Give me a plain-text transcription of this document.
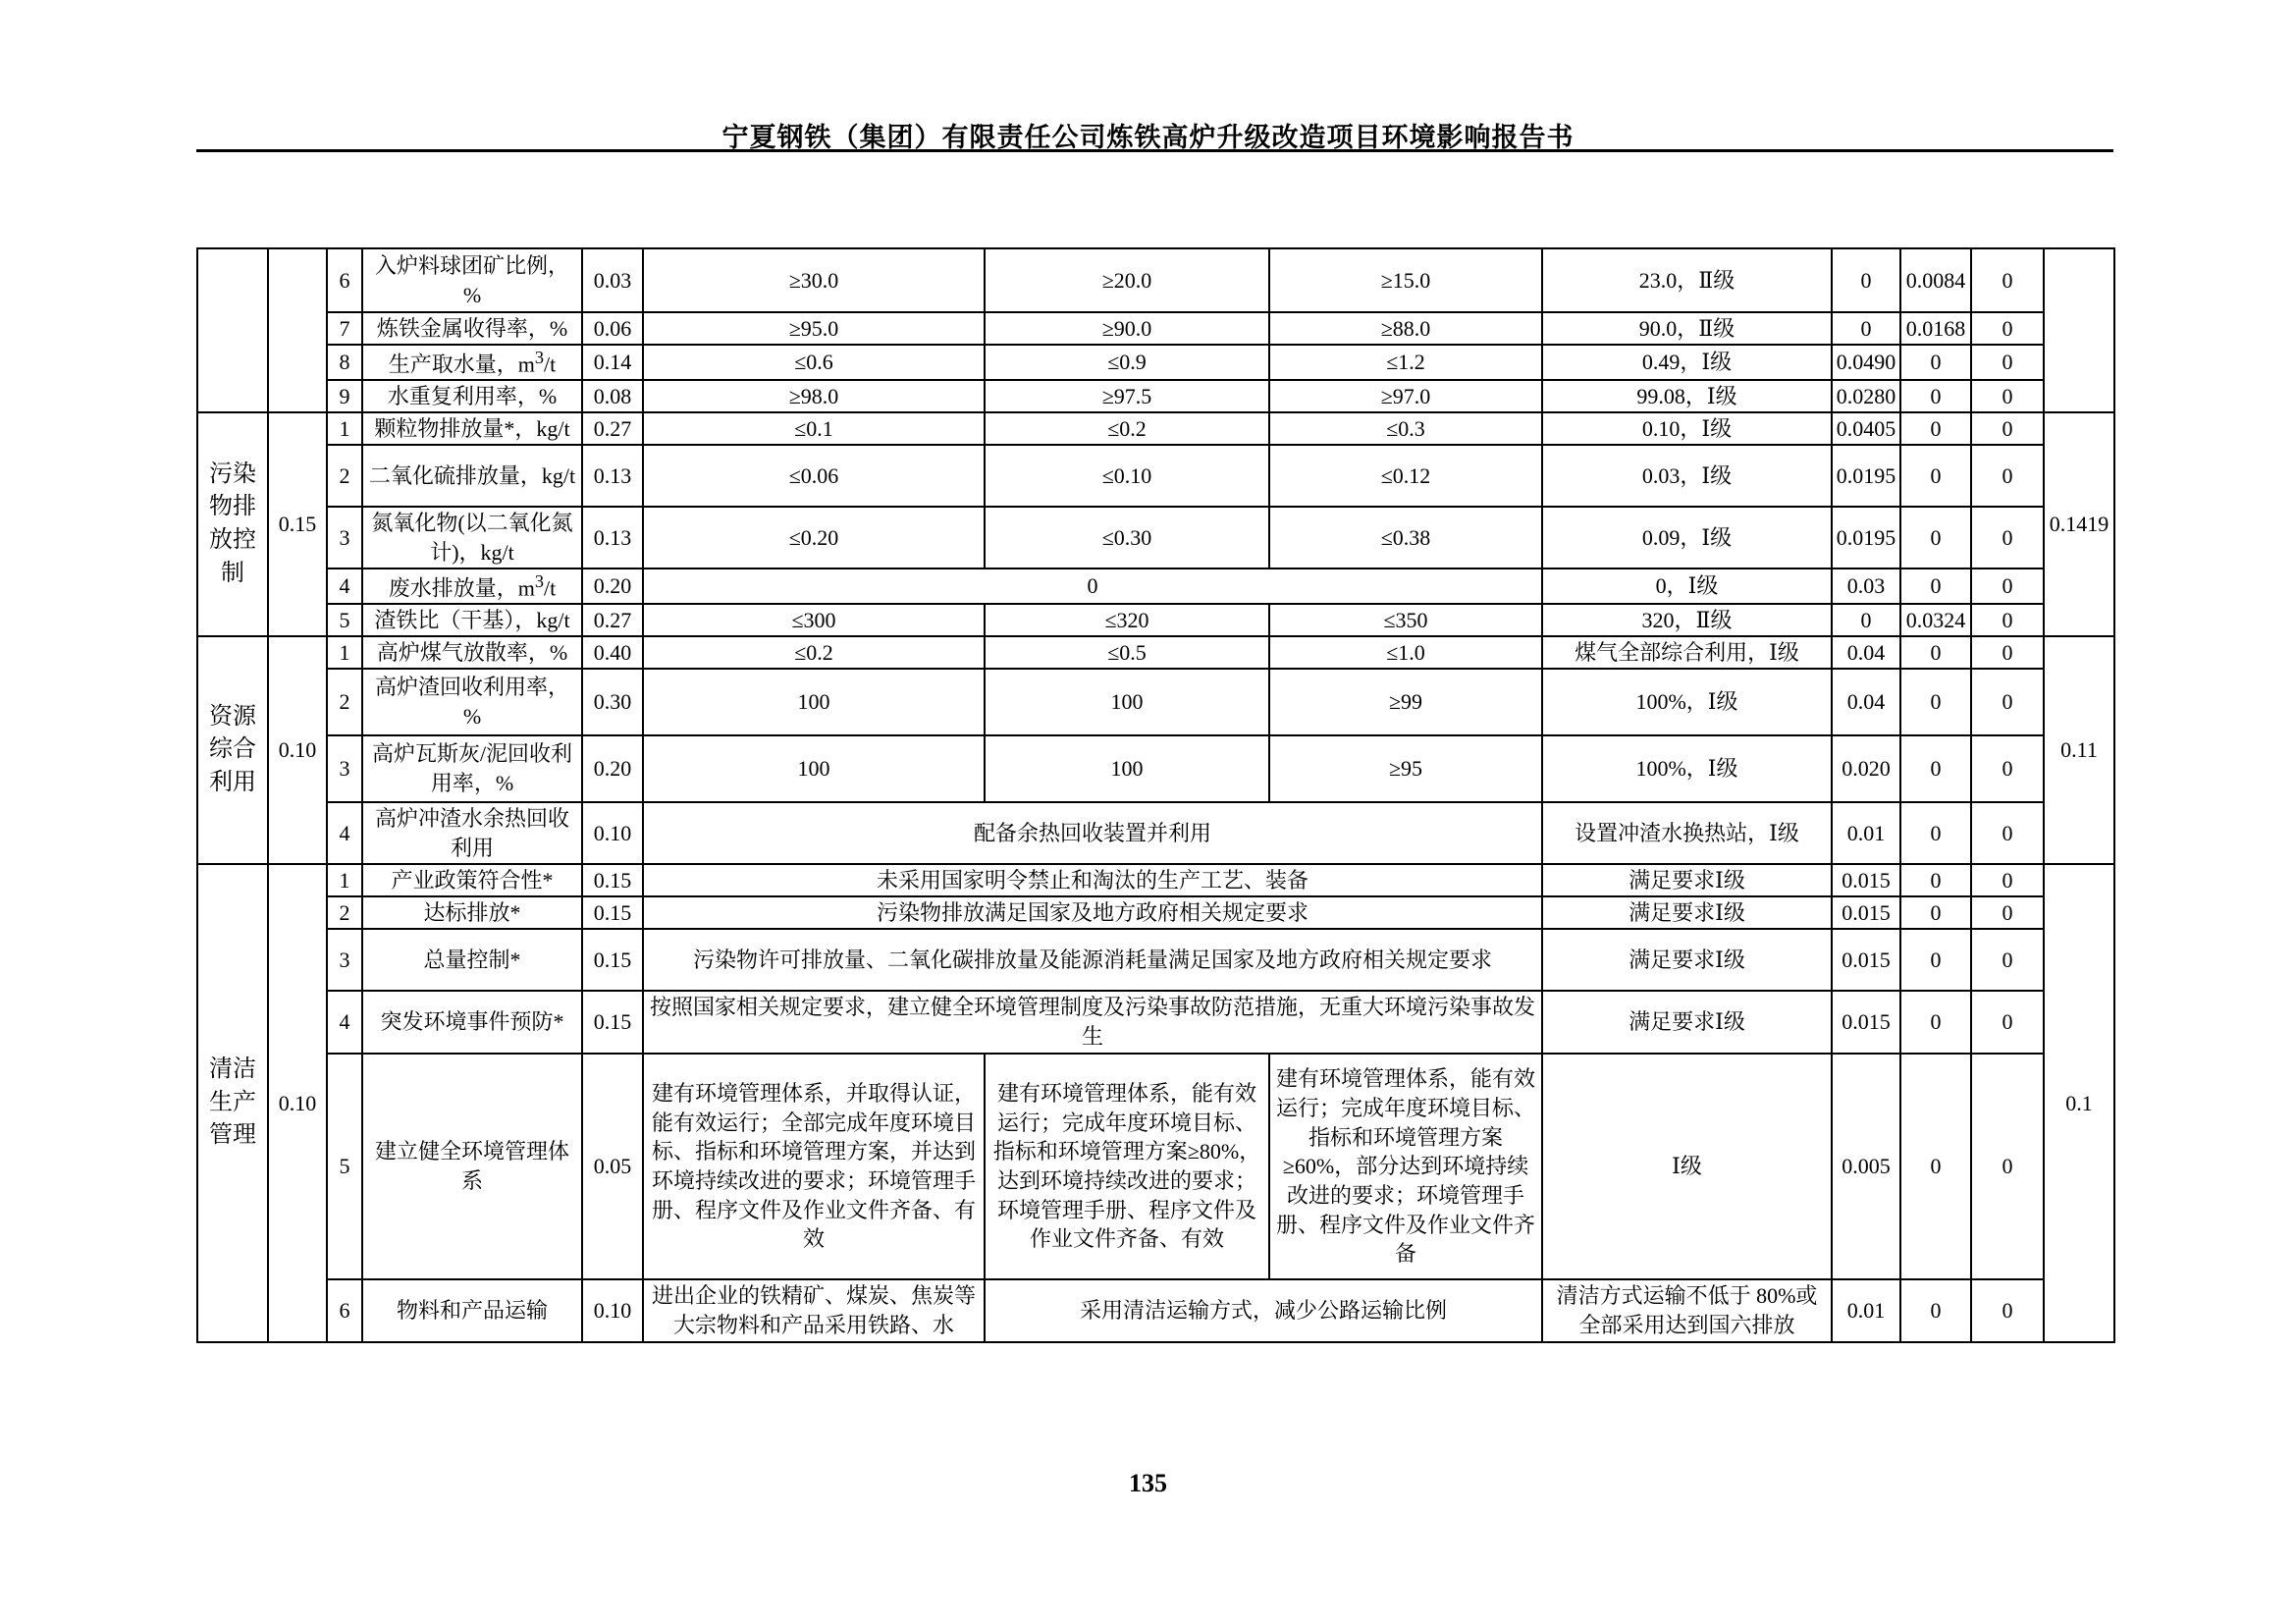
宁夏钢铁（集团）有限责任公司炼铁高炉升级改造项目环境影响报告书
		6	入炉料球团矿比例，%	0.03	≥30.0	≥20.0	≥15.0	23.0，Ⅱ级	0	0.0084	0	
		7	炼铁金属收得率，%	0.06	≥95.0	≥90.0	≥88.0	90.0，Ⅱ级	0	0.0168	0	
		8	生产取水量，$m^3/t$	0.14	≤0.6	≤0.9	≤1.2	0.49，Ⅰ级	0.0490	0	0	
		9	水重复利用率，%	0.08	≥98.0	≥97.5	≥97.0	99.08，Ⅰ级	0.0280	0	0	
污染物排放控制	0.15	1	颗粒物排放量*，kg/t	0.27	≤0.1	≤0.2	≤0.3	0.10，Ⅰ级	0.0405	0	0	0.1419
		2	二氧化硫排放量，kg/t	0.13	≤0.06	≤0.10	≤0.12	0.03，Ⅰ级	0.0195	0	0	
		3	氮氧化物(以二氧化氮计)，kg/t	0.13	≤0.20	≤0.30	≤0.38	0.09，Ⅰ级	0.0195	0	0	
		4	废水排放量，$m^3/t$	0.20	0			0，Ⅰ级	0.03	0	0	
		5	渣铁比（干基），kg/t	0.27	≤300	≤320	≤350	320，Ⅱ级	0	0.0324	0	
资源综合利用	0.10	1	高炉煤气放散率，%	0.40	≤0.2	≤0.5	≤1.0	煤气全部综合利用，Ⅰ级	0.04	0	0	0.11
		2	高炉渣回收利用率，%	0.30	100	100	≥99	100%，Ⅰ级	0.04	0	0	
		3	高炉瓦斯灰/泥回收利用率，%	0.20	100	100	≥95	100%，Ⅰ级	0.020	0	0	
		4	高炉冲渣水余热回收利用	0.10	配备余热回收装置并利用			设置冲渣水换热站，Ⅰ级	0.01	0	0	
清洁生产管理	0.10	1	产业政策符合性*	0.15	未采用国家明令禁止和淘汰的生产工艺、装备			满足要求Ⅰ级	0.015	0	0	0.1
		2	达标排放*	0.15	污染物排放满足国家及地方政府相关规定要求			满足要求Ⅰ级	0.015	0	0	
		3	总量控制*	0.15	污染物许可排放量、二氧化碳排放量及能源消耗量满足国家及地方政府相关规定要求			满足要求Ⅰ级	0.015	0	0	
		4	突发环境事件预防*	0.15	按照国家相关规定要求，建立健全环境管理制度及污染事故防范措施，无重大环境污染事故发生			满足要求Ⅰ级	0.015	0	0	
		5	建立健全环境管理体系	0.05	建有环境管理体系，并取得认证，能有效运行；全部完成年度环境目标、指标和环境管理方案，并达到环境持续改进的要求；环境管理手册、程序文件及作业文件齐备、有效	建有环境管理体系，能有效运行；完成年度环境目标、指标和环境管理方案≥80%，达到环境持续改进的要求；环境管理手册、程序文件及作业文件齐备、有效	建有环境管理体系，能有效运行；完成年度环境目标、指标和环境管理方案≥60%，部分达到环境持续改进的要求；环境管理手册、程序文件及作业文件齐备	Ⅰ级	0.005	0	0	
		6	物料和产品运输	0.10	进出企业的铁精矿、煤炭、焦炭等大宗物料和产品采用铁路、水	采用清洁运输方式，减少公路运输比例		清洁方式运输不低于 80%或全部采用达到国六排放	0.01	0	0	
135
